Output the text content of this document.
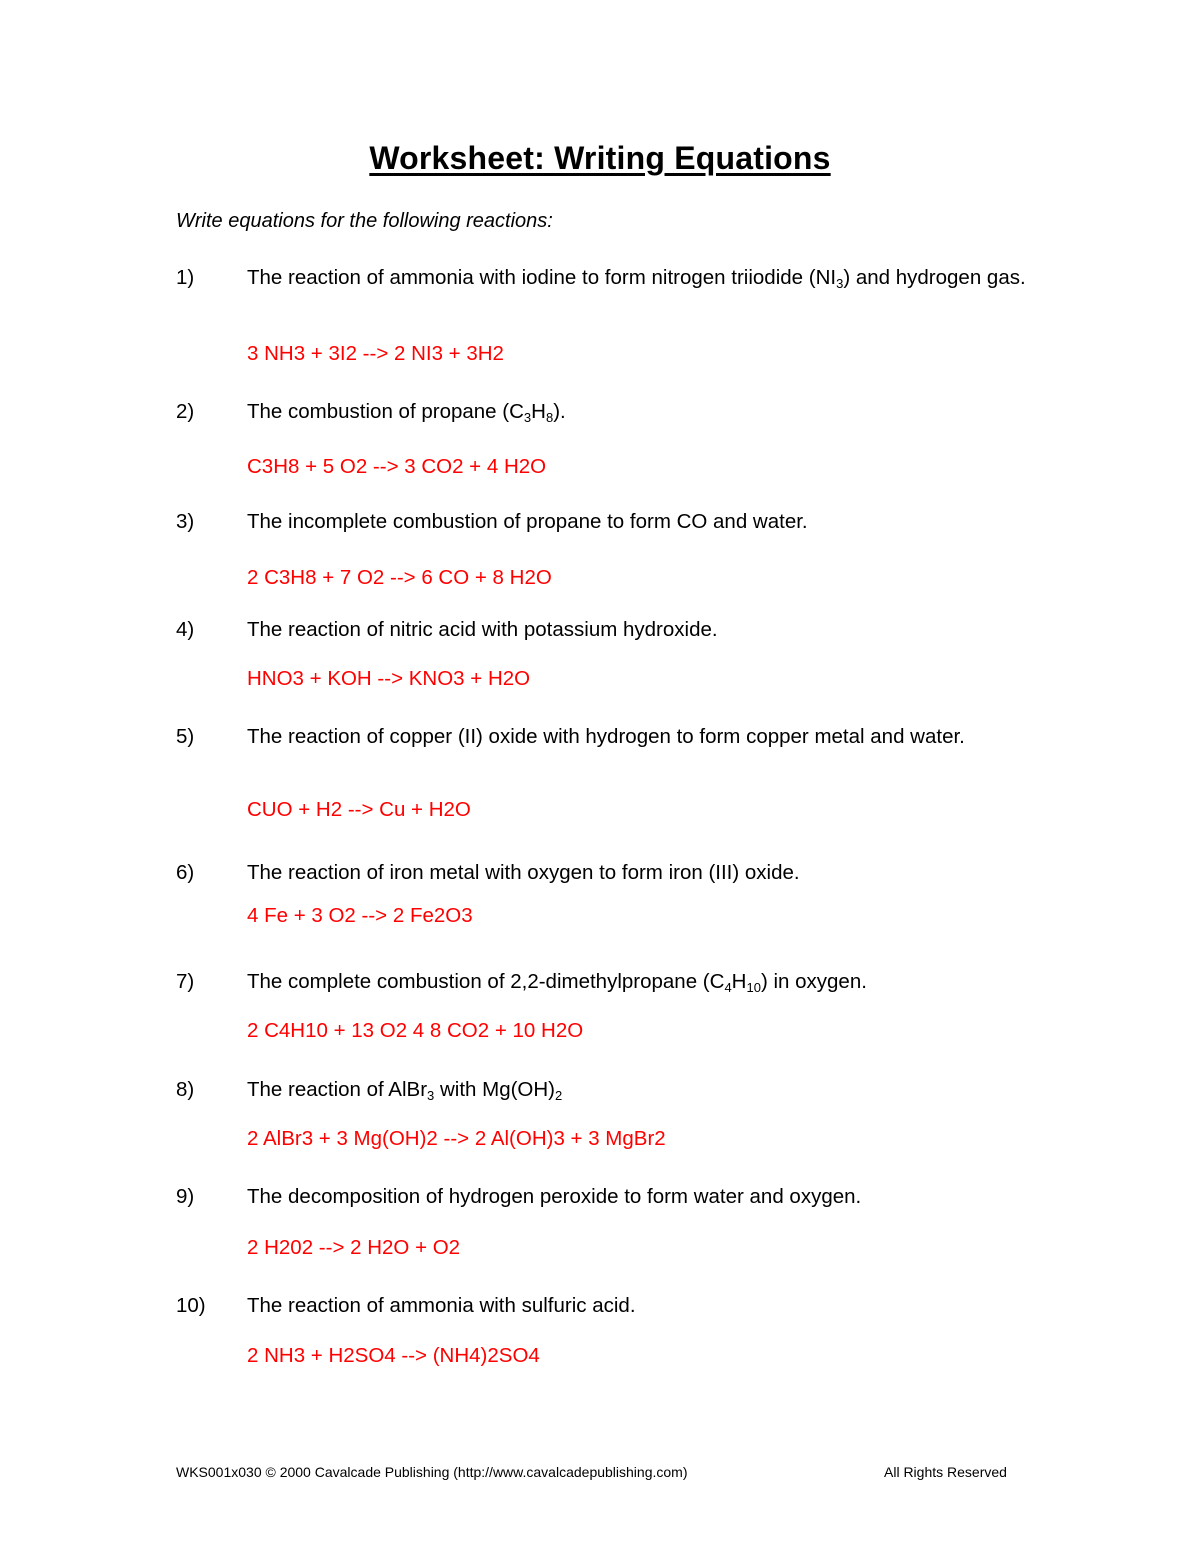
Worksheet: Writing Equations
Write equations for the following reactions:
1)	The reaction of ammonia with iodine to form nitrogen triiodide $(NI_3)$ and hydrogen gas.
3 NH3 + 3I2 --> 2 NI3 + 3H2
2)	The combustion of propane $(C_3H_8)$.
C3H8 + 5 O2 --> 3 CO2 + 4 H2O
3)	The incomplete combustion of propane to form CO and water.
2 C3H8 + 7 O2 --> 6 CO + 8 H2O
4)	The reaction of nitric acid with potassium hydroxide.
HNO3 + KOH --> KNO3 + H2O
5)	The reaction of copper (II) oxide with hydrogen to form copper metal and water.
CUO + H2 --> Cu + H2O
6)	The reaction of iron metal with oxygen to form iron (III) oxide.
4 Fe + 3 O2 --> 2 Fe2O3
7)	The complete combustion of 2,2-dimethylpropane $(C_4H_{10})$ in oxygen.
2 C4H10 + 13 O2 4 8 CO2 + 10 H2O
8)	The reaction of AlBr$_3$ with $Mg(OH)_2$
2 AlBr3 + 3 Mg(OH)2 --> 2 Al(OH)3 + 3 MgBr2
9)	The decomposition of hydrogen peroxide to form water and oxygen.
2 H202 --> 2 H2O + O2
10)	The reaction of ammonia with sulfuric acid.
2 NH3 + H2SO4 --> (NH4)2SO4
WKS001x030 © 2000 Cavalcade Publishing (http://www.cavalcadepublishing.com)	All Rights Reserved
